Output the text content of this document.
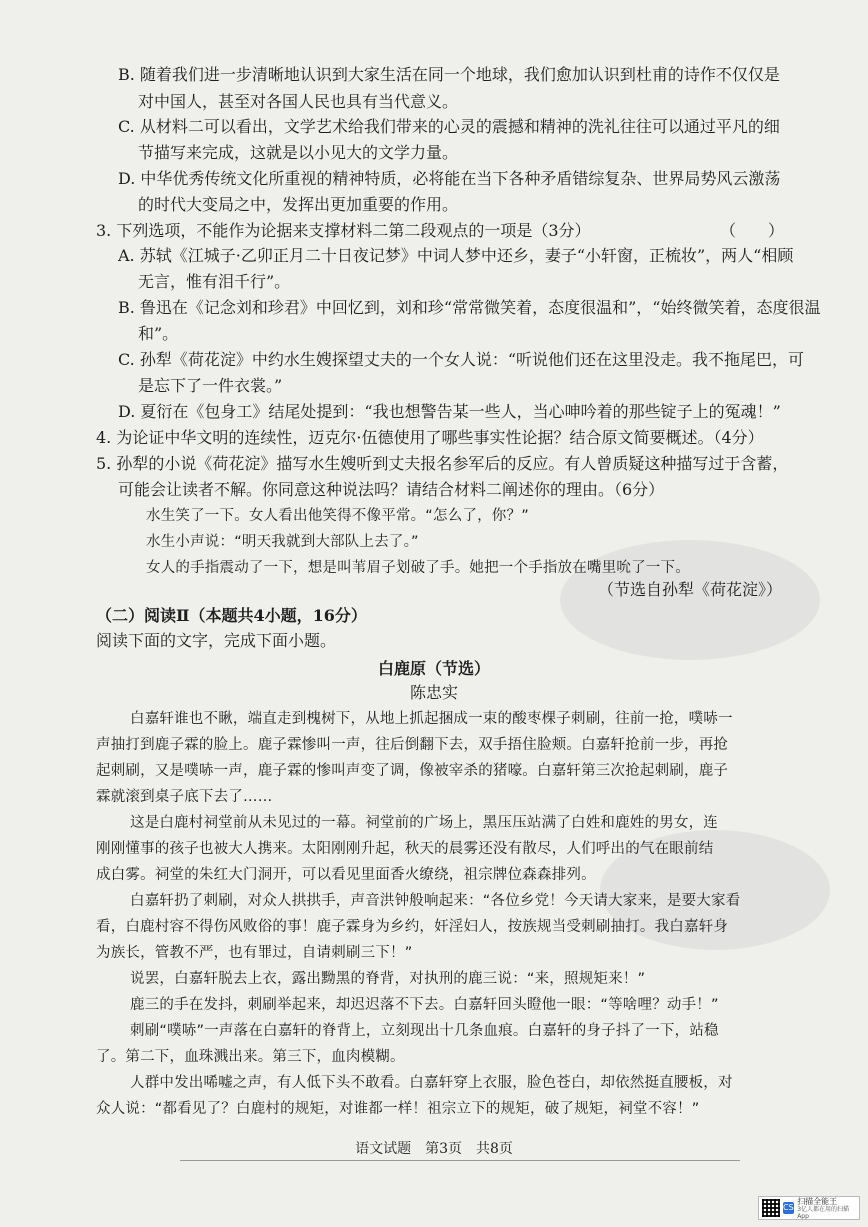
B. 随着我们进一步清晰地认识到大家生活在同一个地球，我们愈加认识到杜甫的诗作不仅仅是
对中国人，甚至对各国人民也具有当代意义。
C. 从材料二可以看出，文学艺术给我们带来的心灵的震撼和精神的洗礼往往可以通过平凡的细
节描写来完成，这就是以小见大的文学力量。
D. 中华优秀传统文化所重视的精神特质，必将能在当下各种矛盾错综复杂、世界局势风云激荡
的时代大变局之中，发挥出更加重要的作用。
3. 下列选项，不能作为论据来支撑材料二第二段观点的一项是（3分）	（　　）
A. 苏轼《江城子·乙卯正月二十日夜记梦》中词人梦中还乡，妻子“小轩窗，正梳妆”，两人“相顾
无言，惟有泪千行”。
B. 鲁迅在《记念刘和珍君》中回忆到，刘和珍“常常微笑着，态度很温和”，“始终微笑着，态度很温
和”。
C. 孙犁《荷花淀》中约水生嫂探望丈夫的一个女人说：“听说他们还在这里没走。我不拖尾巴，可
是忘下了一件衣裳。”
D. 夏衍在《包身工》结尾处提到：“我也想警告某一些人，当心呻吟着的那些锭子上的冤魂！”
4. 为论证中华文明的连续性，迈克尔·伍德使用了哪些事实性论据？结合原文简要概述。（4分）
5. 孙犁的小说《荷花淀》描写水生嫂听到丈夫报名参军后的反应。有人曾质疑这种描写过于含蓄，
可能会让读者不解。你同意这种说法吗？请结合材料二阐述你的理由。（6分）
水生笑了一下。女人看出他笑得不像平常。“怎么了，你？”
水生小声说：“明天我就到大部队上去了。”
女人的手指震动了一下，想是叫苇眉子划破了手。她把一个手指放在嘴里吮了一下。
（节选自孙犁《荷花淀》）
（二）阅读Ⅱ（本题共4小题，16分）
阅读下面的文字，完成下面小题。
白鹿原（节选）
陈忠实
白嘉轩谁也不瞅，端直走到槐树下，从地上抓起捆成一束的酸枣棵子刺刷，往前一抢，噗哧一
声抽打到鹿子霖的脸上。鹿子霖惨叫一声，往后倒翻下去，双手捂住脸颊。白嘉轩抢前一步，再抢
起刺刷，又是噗哧一声，鹿子霖的惨叫声变了调，像被宰杀的猪嚎。白嘉轩第三次抢起刺刷，鹿子
霖就滚到桌子底下去了……
这是白鹿村祠堂前从未见过的一幕。祠堂前的广场上，黑压压站满了白姓和鹿姓的男女，连
刚刚懂事的孩子也被大人携来。太阳刚刚升起，秋天的晨雾还没有散尽，人们呼出的气在眼前结
成白雾。祠堂的朱红大门洞开，可以看见里面香火缭绕，祖宗牌位森森排列。
白嘉轩扔了刺刷，对众人拱拱手，声音洪钟般响起来：“各位乡党！今天请大家来，是要大家看
看，白鹿村容不得伤风败俗的事！鹿子霖身为乡约，奸淫妇人，按族规当受刺刷抽打。我白嘉轩身
为族长，管教不严，也有罪过，自请刺刷三下！”
说罢，白嘉轩脱去上衣，露出黝黑的脊背，对执刑的鹿三说：“来，照规矩来！”
鹿三的手在发抖，刺刷举起来，却迟迟落不下去。白嘉轩回头瞪他一眼：“等啥哩？动手！”
刺刷“噗哧”一声落在白嘉轩的脊背上，立刻现出十几条血痕。白嘉轩的身子抖了一下，站稳
了。第二下，血珠溅出来。第三下，血肉模糊。
人群中发出唏嘘之声，有人低下头不敢看。白嘉轩穿上衣服，脸色苍白，却依然挺直腰板，对
众人说：“都看见了？白鹿村的规矩，对谁都一样！祖宗立下的规矩，破了规矩，祠堂不容！”
语文试题　第3页　共8页
CS
扫描全能王
3亿人都在用的扫描App
